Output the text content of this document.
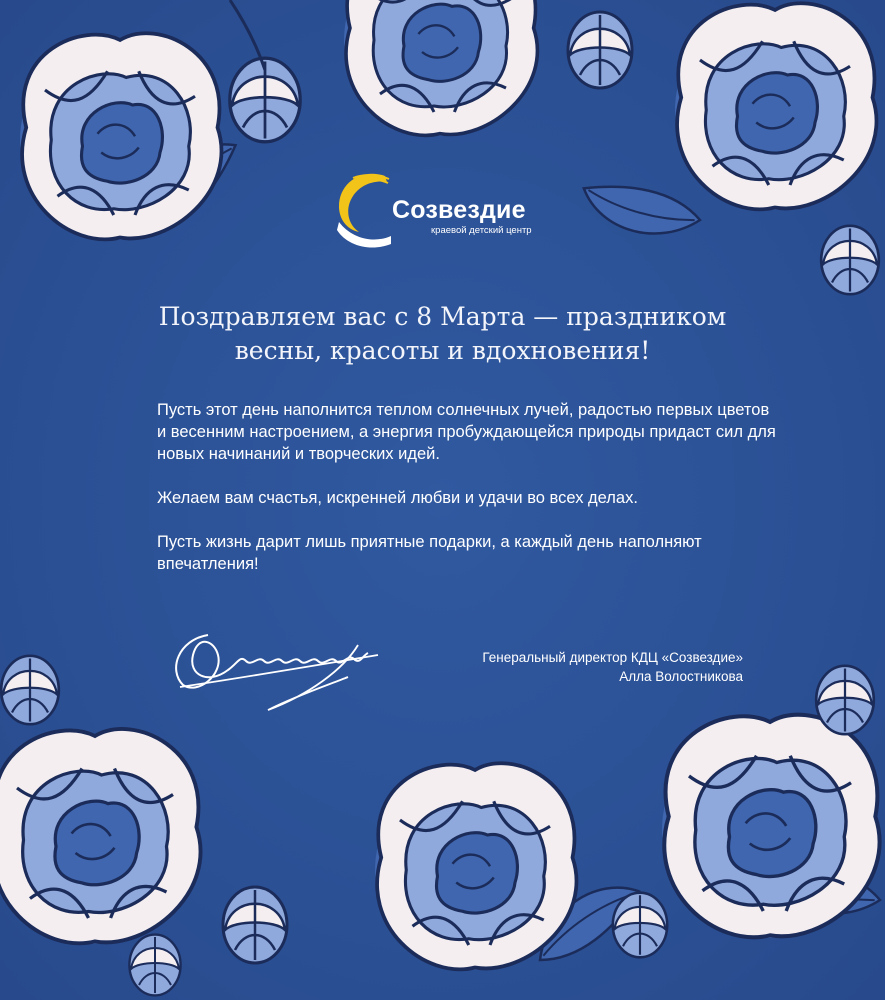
Созвездие

краевой детский центр

Поздравляем вас с 8 Марта — праздником
весны, красоты и вдохновения!

Пусть этот день наполнится теплом солнечных лучей, радостью первых цветов и весенним настроением, а энергия пробуждающейся природы придаст сил для новых начинаний и творческих идей.

Желаем вам счастья, искренней любви и удачи во всех делах.

Пусть жизнь дарит лишь приятные подарки, а каждый день наполняют впечатления!

Генеральный директор КДЦ «Созвездие»
Алла Волостникова
